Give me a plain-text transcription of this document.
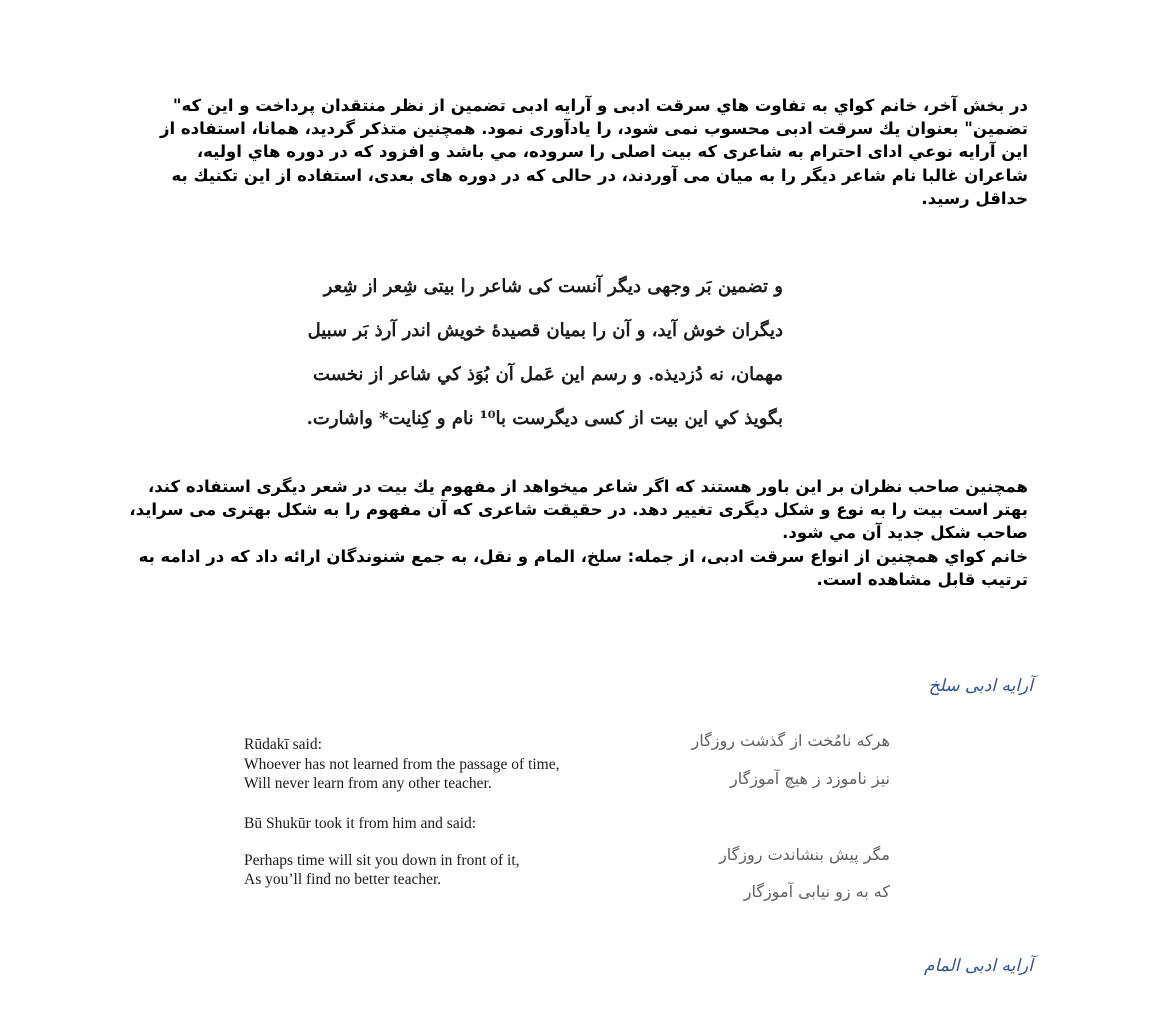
در بخش آخر، خانم کواي به تفاوت هاي سرقت ادبی و آرایه ادبی تضمین از نظر منتقدان پرداخت و این که" تضمین" بعنوان يك سرقت ادبی محسوب نمی شود، را یادآوری نمود. همچنین متذکر گردید، همانا، استفاده از این آرایه نوعي ادای احترام به شاعری که بیت اصلی را سروده، مي باشد و افزود که در دوره هاي اولیه، شاعران غالبا نام شاعر دیگر را به میان می آوردند، در حالی که در دوره های بعدی، استفاده از این تکنیك به حداقل رسید.
و تضمین بَر وجهی دیگر آنست کی شاعر را بیتی شِعر از شِعر
دیگران خوش آید، و آن را بمیان قصیدهٔ خویش اندر آرذ بَر سبیل
مهمان، نه دُزدیذه. و رسم این عَمل آن بُوَذ کي شاعر از نخست
بگویذ کي این بیت از کسی دیگرست با¹⁰ نام و کِنایت* واشارت.
همچنین صاحب نظران بر این باور هستند که اگر شاعر میخواهد از مفهوم يك بیت در شعر دیگری استفاده کند، بهتر است بیت را به نوع و شکل دیگری تغییر دهد. در حقیقت شاعری که آن مفهوم را به شکل بهتری می سراید، صاحب شکل جدید آن مي شود.
خانم کواي همچنین از انواع سرقت ادبی، از جمله: سلخ، المام و نقل، به جمع شنوندگان ارائه داد که در ادامه به ترتیب قابل مشاهده است.
آرایه ادبی سلخ
Rūdakī said:
Whoever has not learned from the passage of time,
Will never learn from any other teacher.
Bū Shukūr took it from him and said:
Perhaps time will sit you down in front of it,
As you’ll find no better teacher.
هرکه نامُخت از گذشت روزگار
نیز ناموزد ز هیچ آموزگار
مگر پیش بنشاندت روزگار
که به زو نیابی آموزگار
آرایه ادبی المام
